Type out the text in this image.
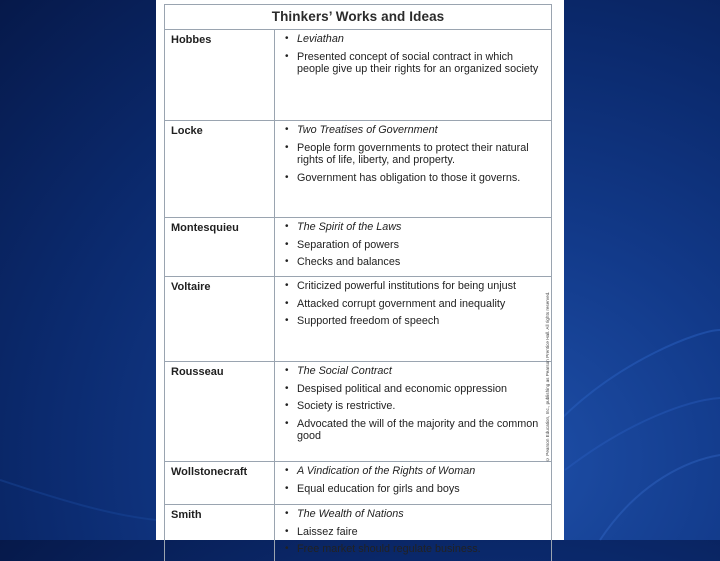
Thinkers’ Works and Ideas
Hobbes	• Leviathan
• Presented concept of social contract in which people give up their rights for an organized society
Locke	• Two Treatises of Government
• People form governments to protect their natural rights of life, liberty, and property.
• Government has obligation to those it governs.
Montesquieu	• The Spirit of the Laws
• Separation of powers
• Checks and balances
Voltaire	• Criticized powerful institutions for being unjust
• Attacked corrupt government and inequality
• Supported freedom of speech
Rousseau	• The Social Contract
• Despised political and economic oppression
• Society is restrictive.
• Advocated the will of the majority and the common good
Wollstonecraft	• A Vindication of the Rights of Woman
• Equal education for girls and boys
Smith	• The Wealth of Nations
• Laissez faire
• Free market should regulate business.
© Pearson Education, Inc., publishing as Pearson Prentice Hall. All rights reserved.
